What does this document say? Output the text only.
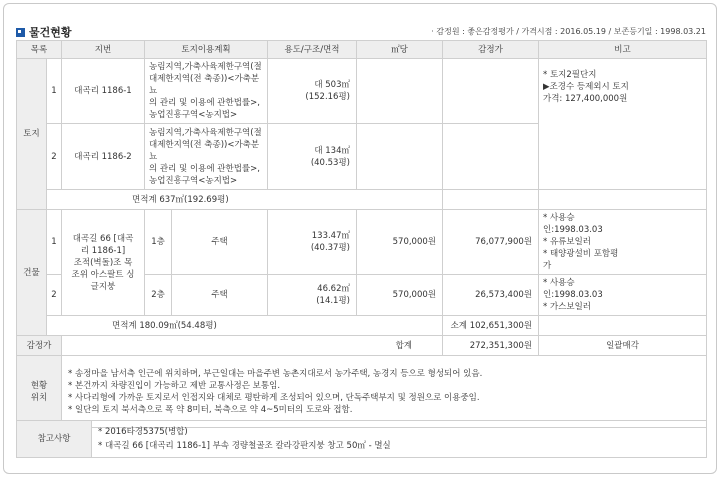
물건현황	· 감정원 : 좋은감정평가 / 가격시점 : 2016.05.19 / 보존등기일 : 1998.03.21
목록		지번	토지이용계획		용도/구조/면적	㎡당	감정가	비고
토지	1	대곡리 1186-1	농림지역,가축사육제한구역(절
대제한지역(전 축종))<가축분뇨
의 관리 및 이용에 관한법률>,
농업진흥구역<농지법>		대 503㎡
(152.16평)			* 토지2필단지
▶조경수 등제외시 토지
가격: 127,400,000원

	2	대곡리 1186-2	농림지역,가축사육제한구역(절
대제한지역(전 축종))<가축분뇨
의 관리 및 이용에 관한법률>,
농업진흥구역<농지법>		대 134㎡
(40.53평)			

	면적계 637㎡(192.69평)							
건물	1	대곡길 66 [대곡
리 1186-1]
조적(벽돌)조 목
조위 아스팔트 싱
글지붕	1층	주택	133.47㎡
(40.37평)	570,000원	76,077,900원	* 사용승
인:1998.03.03
* 유류보일러
* 태양광설비 포함평
가

	2		2층	주택	46.62㎡
(14.1평)	570,000원	26,573,400원	* 사용승
인:1998.03.03
* 가스보일러

	면적계 180.09㎡(54.48평)						소계 102,651,300원	
감정가		합계					272,351,300원	일괄매각

현황
위치		* 송정마을 남서측 인근에 위치하며, 부근일대는 마을주변 농촌지대로서 농가주택, 농경지 등으로 형성되어 있음.
* 본건까지 차량진입이 가능하고 제반 교통사정은 보통임.
* 사다리형에 가까운 토지로서 인접지와 대체로 평탄하게 조성되어 있으며, 단독주택부지 및 정원으로 이용중임.
* 일단의 토지 북서측으로 폭 약 8미터, 북측으로 약 4~5미터의 도로와 접함.						
참고사항	
* 2016타경5375(병합)
* 대곡길 66 [대곡리 1186-1] 부속 경량철골조 칼라강판지붕 창고 50㎡ - 멸실
